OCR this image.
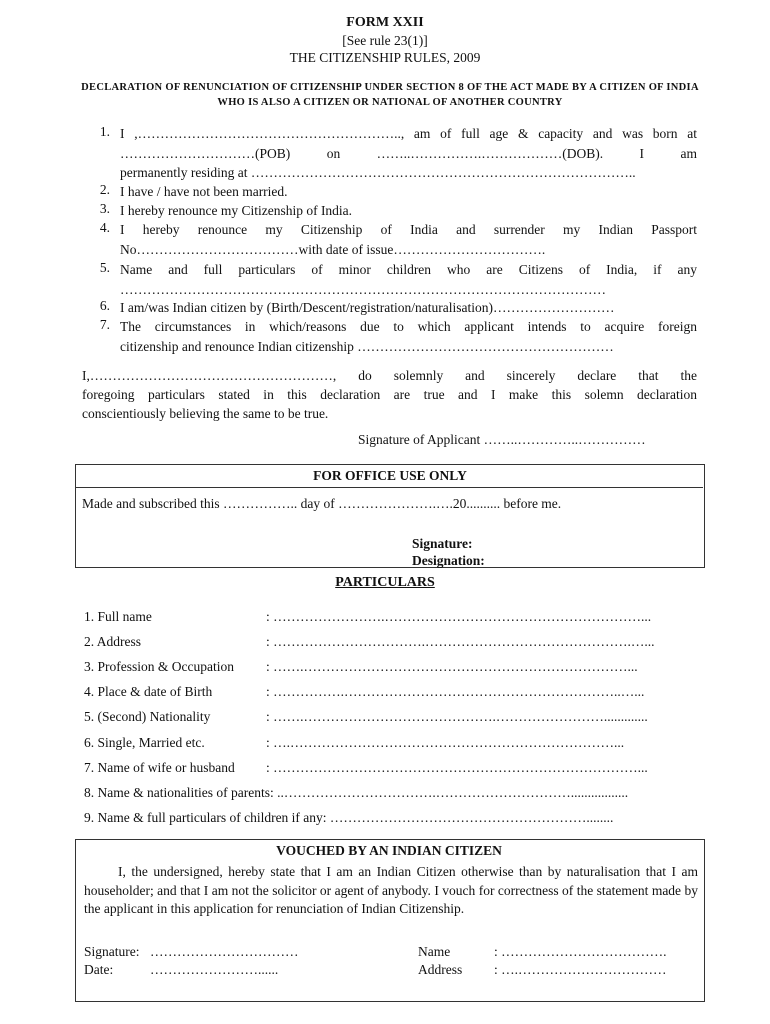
FORM XXII
[See rule 23(1)]
THE CITIZENSHIP RULES, 2009
DECLARATION OF RENUNCIATION OF CITIZENSHIP UNDER SECTION 8 OF THE ACT MADE BY A CITIZEN OF INDIA WHO IS ALSO A CITIZEN OR NATIONAL OF ANOTHER COUNTRY
1. I ,………………………………………………….., am of full age & capacity and was born at
…………………………(POB) on ……..…………….………………(DOB). I am
permanently residing at …………………………………………………………………………..
2. I have / have not been married.
3. I hereby renounce my Citizenship of India.
4. I hereby renounce my Citizenship of India and surrender my Indian Passport
No………………………………with date of issue…………………………….
5. Name and full particulars of minor children who are Citizens of India, if any
………………………………………………………………………………………………
6. I am/was Indian citizen by (Birth/Descent/registration/naturalisation)………………………
7. The circumstances in which/reasons due to which applicant intends to acquire foreign
citizenship and renounce Indian citizenship …………………………………………………
I,………………………………………………, do solemnly and sincerely declare that the
foregoing particulars stated in this declaration are true and I make this solemn declaration
conscientiously believing the same to be true.
Signature of Applicant ……..…………..……………
FOR OFFICE USE ONLY
Made and subscribed this …………….. day of ………………….….20.......... before me.
Signature:
Designation:
PARTICULARS
1. Full name	: …………………….…………………………………………………...
2. Address	: …………………………….……………………………………….…...
3. Profession & Occupation : …….………………………………………………………………...
4. Place & date of Birth	: …………….……………………………………………………..…...
5. (Second) Nationality	: …….…………………………………….…………………….............
6. Single, Married etc.	: ….………………………………………………………………...
7. Name of wife or husband : ………………………………………………………………………...
8. Name & nationalities of parents: ..…………………………….………………………….................
9. Name & full particulars of children if any: …………………………………………………........
VOUCHED BY AN INDIAN CITIZEN
I, the undersigned, hereby state that I am an Indian Citizen otherwise than by naturalisation that I am householder; and that I am not the solicitor or agent of anybody. I vouch for correctness of the statement made by the applicant in this application for renunciation of Indian Citizenship.
Signature: ……………………………
Date:	……………………......
Name	: ……………………………….
Address : ….……………………………
